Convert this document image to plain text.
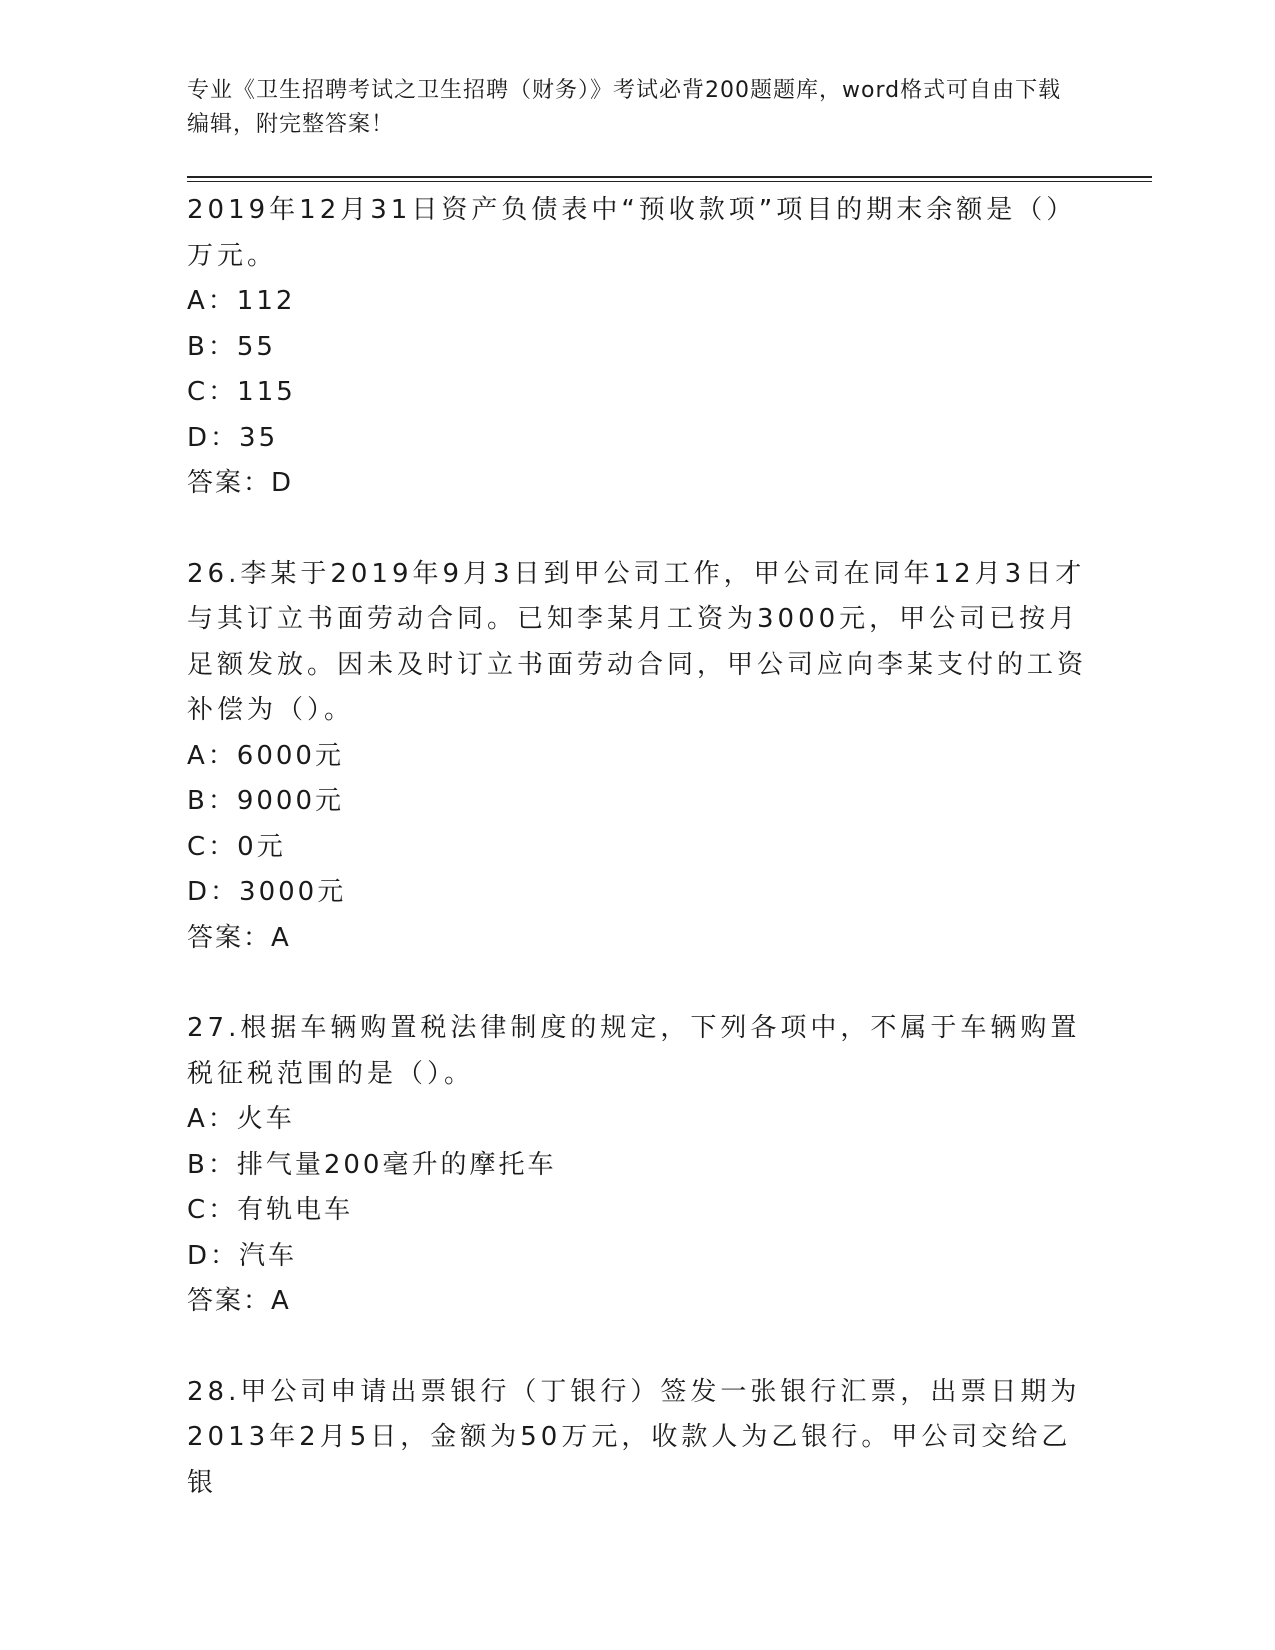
专业《卫生招聘考试之卫生招聘（财务）》考试必背200题题库，word格式可自由下载编辑，附完整答案！

2019年12月31日资产负债表中“预收款项”项目的期末余额是（）万元。

A：112

B：55

C：115

D：35

答案：D

26.李某于2019年9月3日到甲公司工作，甲公司在同年12月3日才与其订立书面劳动合同。已知李某月工资为3000元，甲公司已按月足额发放。因未及时订立书面劳动合同，甲公司应向李某支付的工资补偿为（）。

A：6000元

B：9000元

C：0元

D：3000元

答案：A

27.根据车辆购置税法律制度的规定，下列各项中，不属于车辆购置税征税范围的是（）。

A：火车

B：排气量200毫升的摩托车

C：有轨电车

D：汽车

答案：A

28.甲公司申请出票银行（丁银行）签发一张银行汇票，出票日期为2013年2月5日，金额为50万元，收款人为乙银行。甲公司交给乙银
